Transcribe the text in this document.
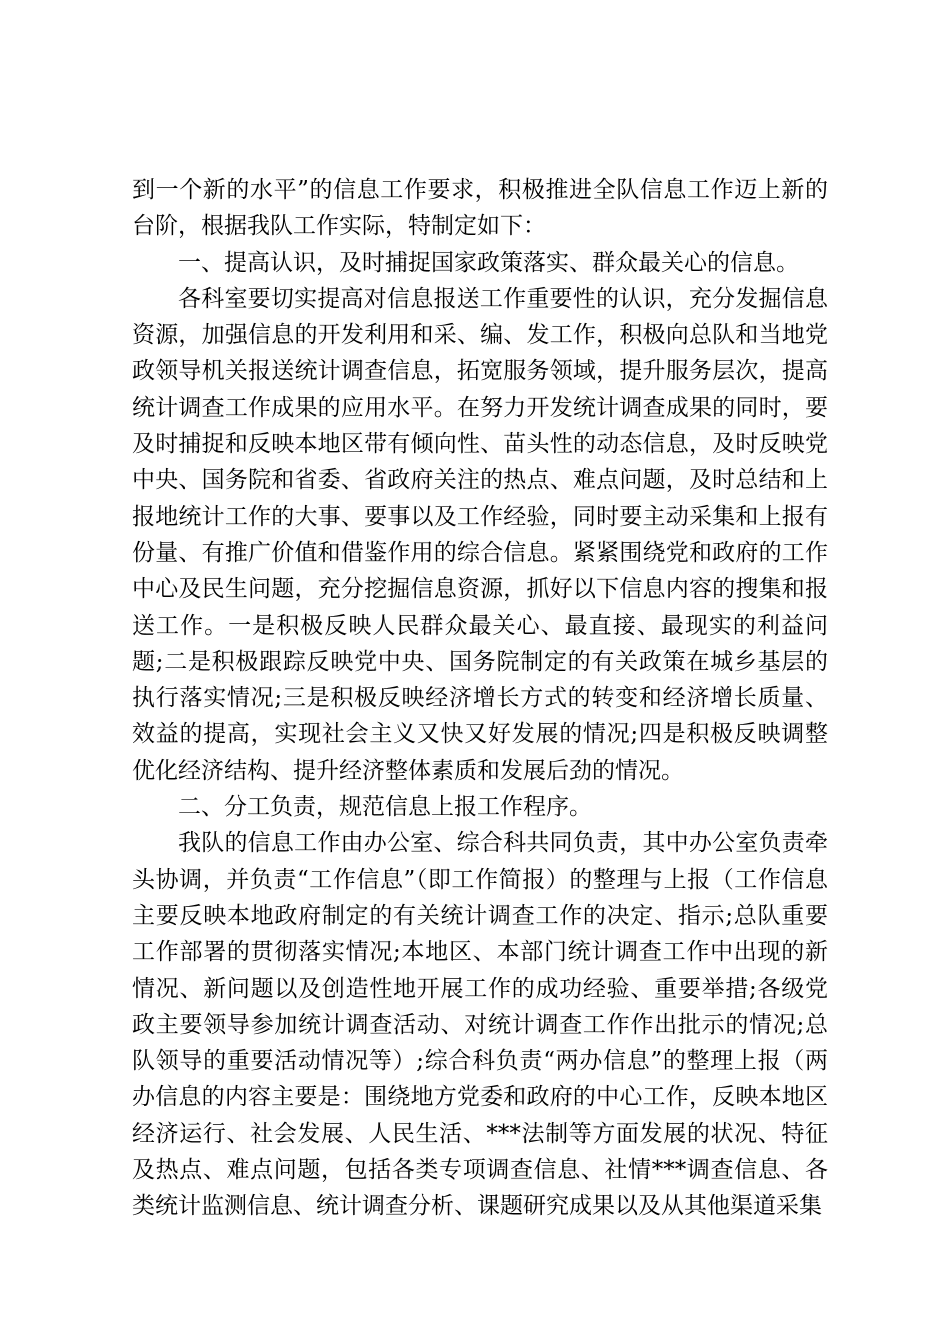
到一个新的水平”的信息工作要求，积极推进全队信息工作迈上新的台阶，根据我队工作实际，特制定如下：

一、提高认识，及时捕捉国家政策落实、群众最关心的信息。

各科室要切实提高对信息报送工作重要性的认识，充分发掘信息资源，加强信息的开发利用和采、编、发工作，积极向总队和当地党政领导机关报送统计调查信息，拓宽服务领域，提升服务层次，提高统计调查工作成果的应用水平。在努力开发统计调查成果的同时，要及时捕捉和反映本地区带有倾向性、苗头性的动态信息，及时反映党中央、国务院和省委、省政府关注的热点、难点问题，及时总结和上报地统计工作的大事、要事以及工作经验，同时要主动采集和上报有份量、有推广价值和借鉴作用的综合信息。紧紧围绕党和政府的工作中心及民生问题，充分挖掘信息资源，抓好以下信息内容的搜集和报送工作。一是积极反映人民群众最关心、最直接、最现实的利益问题;二是积极跟踪反映党中央、国务院制定的有关政策在城乡基层的执行落实情况;三是积极反映经济增长方式的转变和经济增长质量、效益的提高，实现社会主义又快又好发展的情况;四是积极反映调整优化经济结构、提升经济整体素质和发展后劲的情况。

二、分工负责，规范信息上报工作程序。

我队的信息工作由办公室、综合科共同负责，其中办公室负责牵头协调，并负责“工作信息”（即工作简报）的整理与上报（工作信息主要反映本地政府制定的有关统计调查工作的决定、指示;总队重要工作部署的贯彻落实情况;本地区、本部门统计调查工作中出现的新情况、新问题以及创造性地开展工作的成功经验、重要举措;各级党政主要领导参加统计调查活动、对统计调查工作作出批示的情况;总队领导的重要活动情况等）;综合科负责“两办信息”的整理上报（两办信息的内容主要是：围绕地方党委和政府的中心工作，反映本地区经济运行、社会发展、人民生活、***法制等方面发展的状况、特征及热点、难点问题，包括各类专项调查信息、社情***调查信息、各类统计监测信息、统计调查分析、课题研究成果以及从其他渠道采集
